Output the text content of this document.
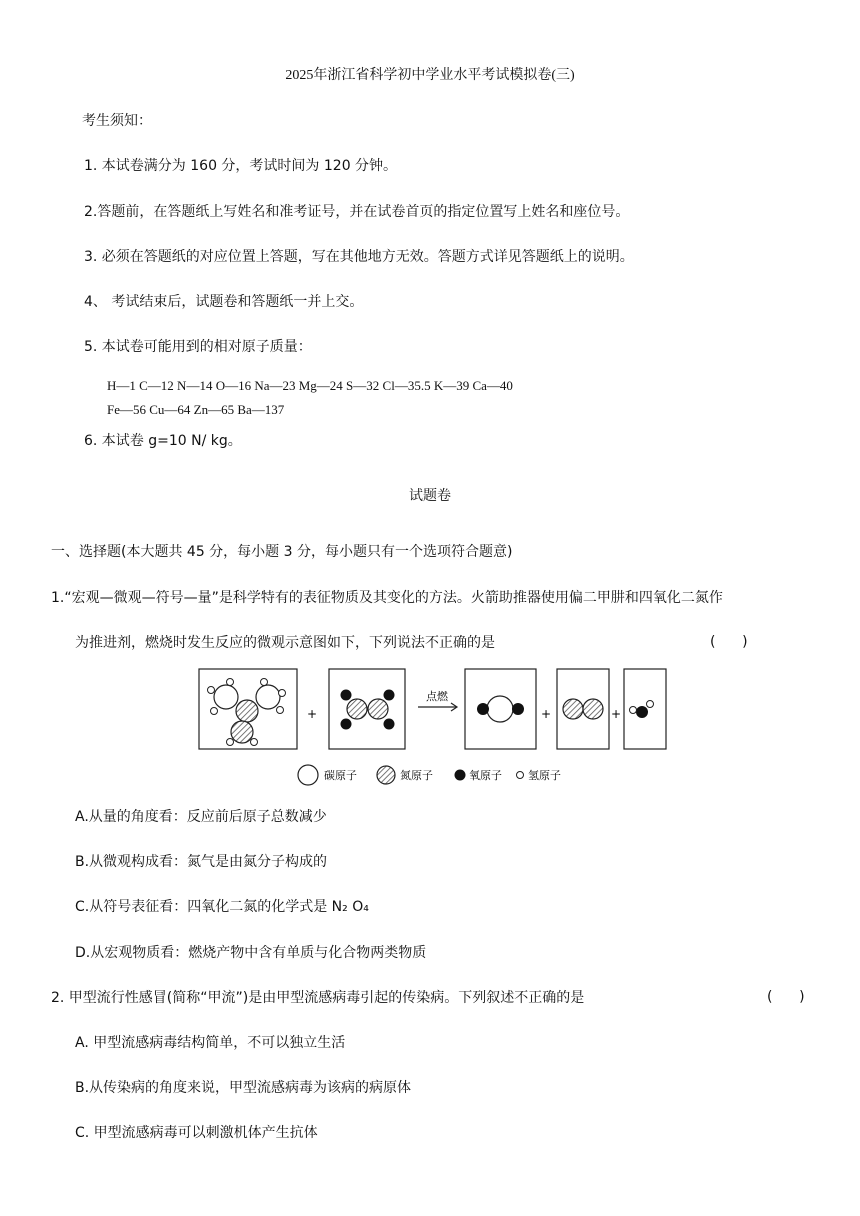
2025年浙江省科学初中学业水平考试模拟卷(三)
考生须知：
1. 本试卷满分为 160 分，考试时间为 120 分钟。
2.答题前，在答题纸上写姓名和准考证号，并在试卷首页的指定位置写上姓名和座位号。
3. 必须在答题纸的对应位置上答题，写在其他地方无效。答题方式详见答题纸上的说明。
4、 考试结束后，试题卷和答题纸一并上交。
5. 本试卷可能用到的相对原子质量：
H—1 C—12 N—14 O—16 Na—23 Mg—24 S—32 Cl—35.5 K—39 Ca—40
Fe—56 Cu—64 Zn—65 Ba—137
6. 本试卷 g=10 N/ kg。
试题卷
一、选择题(本大题共 45 分，每小题 3 分，每小题只有一个选项符合题意)
1.“宏观—微观—符号—量”是科学特有的表征物质及其变化的方法。火箭助推器使用偏二甲肼和四氧化二氮作
为推进剂，燃烧时发生反应的微观示意图如下，下列说法不正确的是	(      )
+
点燃
+	+
碳原子	氮原子	氧原子 氢原子
A.从量的角度看：反应前后原子总数减少
B.从微观构成看：氮气是由氮分子构成的
C.从符号表征看：四氧化二氮的化学式是 N₂ O₄
D.从宏观物质看：燃烧产物中含有单质与化合物两类物质
2. 甲型流行性感冒(简称“甲流”)是由甲型流感病毒引起的传染病。下列叙述不正确的是	(      )
A. 甲型流感病毒结构简单，不可以独立生活
B.从传染病的角度来说，甲型流感病毒为该病的病原体
C. 甲型流感病毒可以刺激机体产生抗体
